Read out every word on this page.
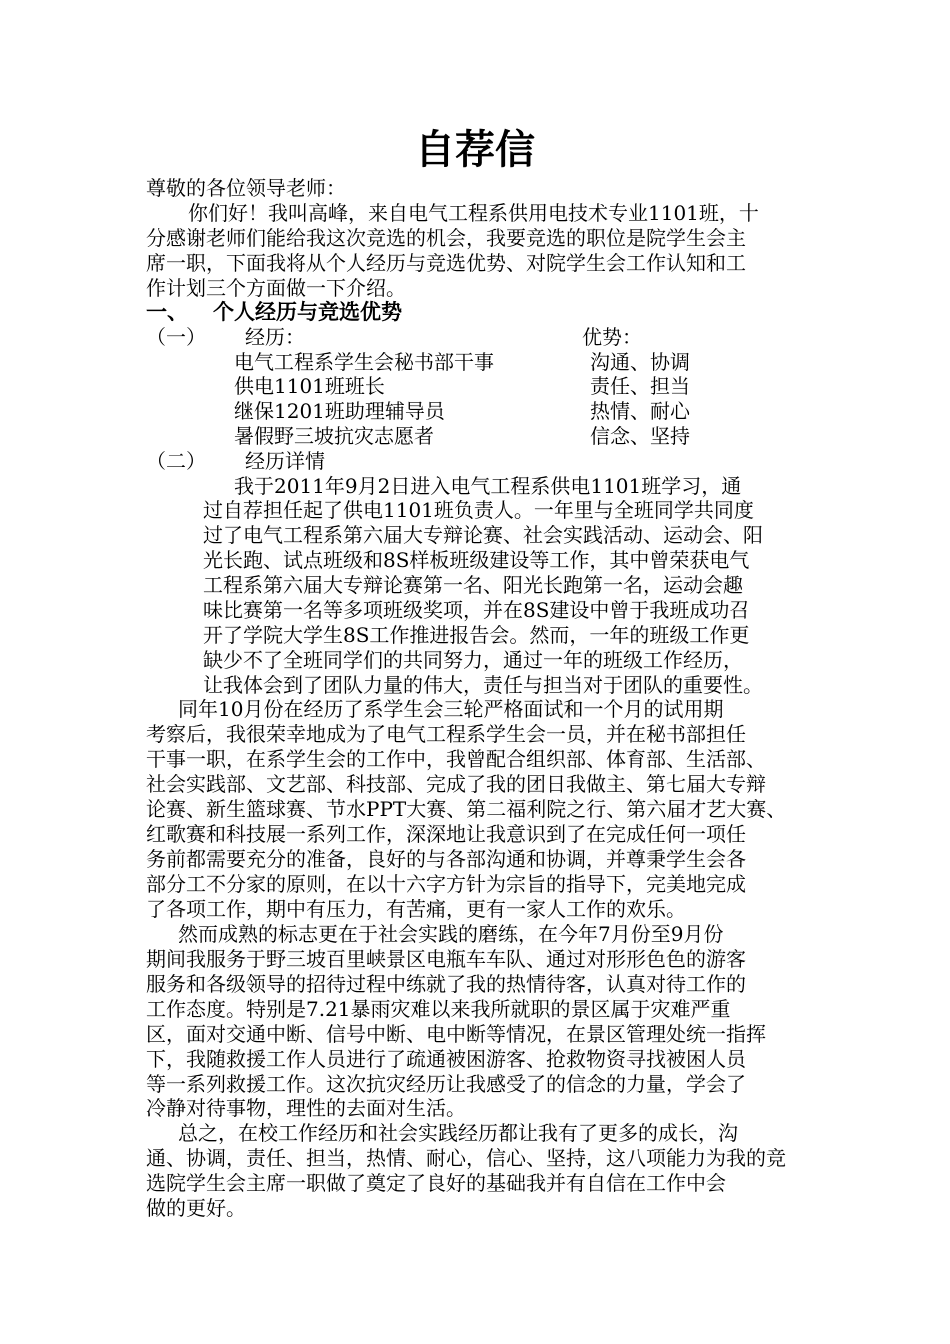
自荐信
尊敬的各位领导老师：
你们好！我叫高峰，来自电气工程系供用电技术专业1101班，十
分感谢老师们能给我这次竞选的机会，我要竞选的职位是院学生会主
席一职，下面我将从个人经历与竞选优势、对院学生会工作认知和工
作计划三个方面做一下介绍。
一、 个人经历与竞选优势
（一） 经历：	优势：
电气工程系学生会秘书部干事
供电1101班班长
继保1201班助理辅导员
暑假野三坡抗灾志愿者
沟通、协调
责任、担当
热情、耐心
信念、坚持
（二） 经历详情
我于2011年9月2日进入电气工程系供电1101班学习，通
过自荐担任起了供电1101班负责人。一年里与全班同学共同度
过了电气工程系第六届大专辩论赛、社会实践活动、运动会、阳
光长跑、试点班级和8S样板班级建设等工作，其中曾荣获电气
工程系第六届大专辩论赛第一名、阳光长跑第一名，运动会趣
味比赛第一名等多项班级奖项，并在8S建设中曾于我班成功召
开了学院大学生8S工作推进报告会。然而，一年的班级工作更
缺少不了全班同学们的共同努力，通过一年的班级工作经历，
让我体会到了团队力量的伟大，责任与担当对于团队的重要性。
同年10月份在经历了系学生会三轮严格面试和一个月的试用期
考察后，我很荣幸地成为了电气工程系学生会一员，并在秘书部担任
干事一职，在系学生会的工作中，我曾配合组织部、体育部、生活部、
社会实践部、文艺部、科技部、完成了我的团日我做主、第七届大专辩
论赛、新生篮球赛、节水PPT大赛、第二福利院之行、第六届才艺大赛、
红歌赛和科技展一系列工作，深深地让我意识到了在完成任何一项任
务前都需要充分的准备，良好的与各部沟通和协调，并尊秉学生会各
部分工不分家的原则，在以十六字方针为宗旨的指导下，完美地完成
了各项工作，期中有压力，有苦痛，更有一家人工作的欢乐。
然而成熟的标志更在于社会实践的磨练，在今年7月份至9月份
期间我服务于野三坡百里峡景区电瓶车车队、通过对形形色色的游客
服务和各级领导的招待过程中练就了我的热情待客，认真对待工作的
工作态度。特别是7.21暴雨灾难以来我所就职的景区属于灾难严重
区，面对交通中断、信号中断、电中断等情况，在景区管理处统一指挥
下，我随救援工作人员进行了疏通被困游客、抢救物资寻找被困人员
等一系列救援工作。这次抗灾经历让我感受了的信念的力量，学会了
冷静对待事物，理性的去面对生活。
总之，在校工作经历和社会实践经历都让我有了更多的成长，沟
通、协调，责任、担当，热情、耐心，信心、坚持，这八项能力为我的竞
选院学生会主席一职做了奠定了良好的基础我并有自信在工作中会
做的更好。
